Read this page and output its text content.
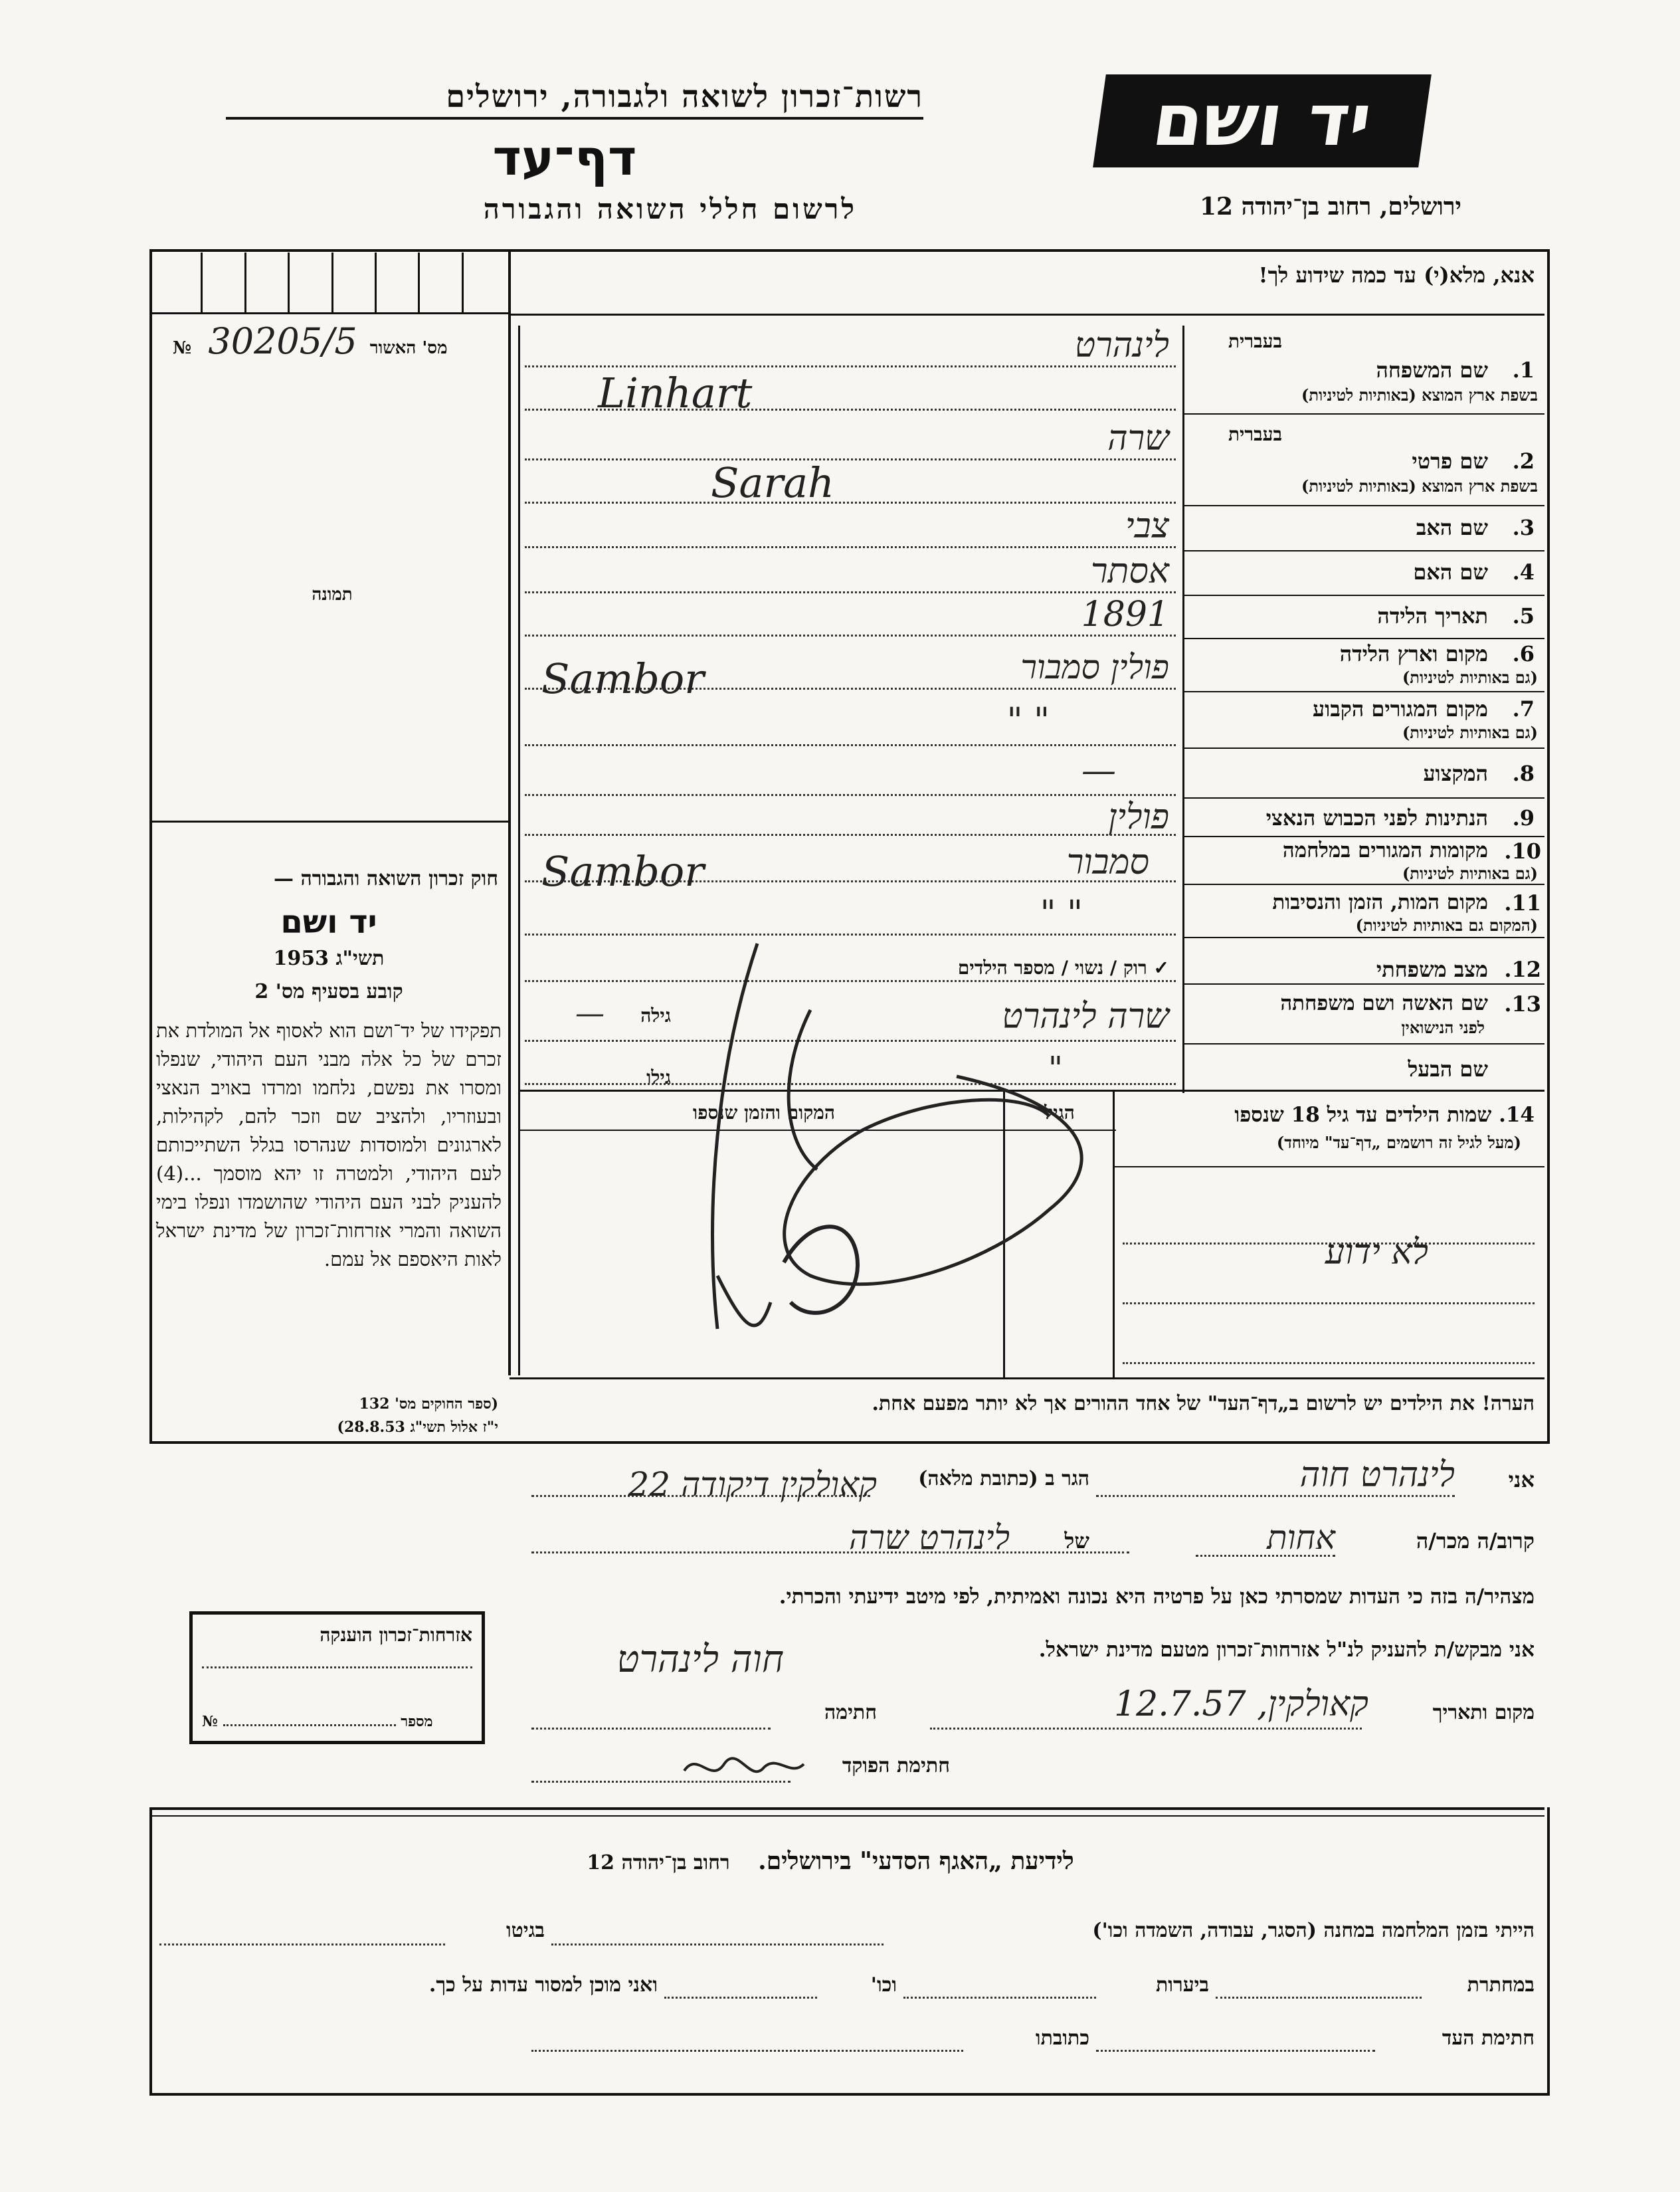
יד ושם
רשות־זכרון לשואה ולגבורה, ירושלים
דף־עד
לרשום חללי השואה והגבורה	ירושלים, רחוב בן־יהודה 12
№ 30205/5 מס' האשור
תמונה
אנא, מלא(י) עד כמה שידוע לך!
בעברית
1.
שם המשפחה
בשפת ארץ המוצא (באותיות לטיניות)
לינהרט
Linhart
בעברית
2.
שם פרטי
בשפת ארץ המוצא (באותיות לטיניות)
שרה
Sarah
3.
שם האב
צבי
4.
שם האם
אסתר
5.
תאריך הלידה
1891
6.
מקום וארץ הלידה
(גם באותיות לטיניות)
פולין סמבור
Sambor
7.
מקום המגורים הקבוע
(גם באותיות לטיניות)
" "
8.
המקצוע
—
9.
הנתינות לפני הכבוש הנאצי
פולין
10.
מקומות המגורים במלחמה
(גם באותיות לטיניות)
סמבור
Sambor
11.
מקום המות, הזמן והנסיבות
(המקום גם באותיות לטיניות)
" "
12.
מצב משפחתי
✓ רוק / נשוי / מספר הילדים
13.
שם האשה ושם משפחתה
לפני הנישואין
שרה לינהרט
גילה
—
שם הבעל
"
גילו
14. שמות הילדים עד גיל 18 שנספו
(מעל לגיל זה רושמים „דף־עד" מיוחד)
הגיל
המקום והזמן שנספו
לא ידוע
חוק זכרון השואה והגבורה —
יד ושם
תשי"ג 1953
קובע בסעיף מס' 2
תפקידו של יד־ושם הוא לאסוף אל המולדת את זכרם של כל אלה מבני העם היהודי, שנפלו ומסרו את נפשם, נלחמו ומרדו באויב הנאצי ובעוזריו, ולהציב שם וזכר להם, לקהילות, לארגונים ולמוסדות שנהרסו בגלל השתייכותם לעם היהודי, ולמטרה זו יהא מוסמך ...(4) להעניק לבני העם היהודי שהושמדו ונפלו בימי השואה והמרי אזרחות־זכרון של מדינת ישראל לאות היאספם אל עמם.
(ספר החוקים מס' 132
י"ז אלול תשי"ג 28.8.53)
הערה! את הילדים יש לרשום ב„דף־העד" של אחד ההורים אך לא יותר מפעם אחת.
אני
לינהרט חוה
הגר ב (כתובת מלאה)
קאולקין דיקודה 22
קרוב/ה מכר/ה
אחות
של
לינהרט שרה
מצהיר/ה בזה כי העדות שמסרתי כאן על פרטיה היא נכונה ואמיתית, לפי מיטב ידיעתי והכרתי.
אני מבקש/ת להעניק לנ"ל אזרחות־זכרון מטעם מדינת ישראל.
חוה לינהרט
מקום ותאריך
קאולקין, 12.7.57
חתימה
חתימת הפוקד
אזרחות־זכרון הוענקה
№	מספר
לידיעת „האגף הסדעי" בירושלים. רחוב בן־יהודה 12
הייתי בזמן המלחמה במחנה (הסגר, עבודה, השמדה וכו')
בגיטו
במחתרת
ביערות
וכו'
ואני מוכן למסור עדות על כך.
חתימת העד
כתובתו
